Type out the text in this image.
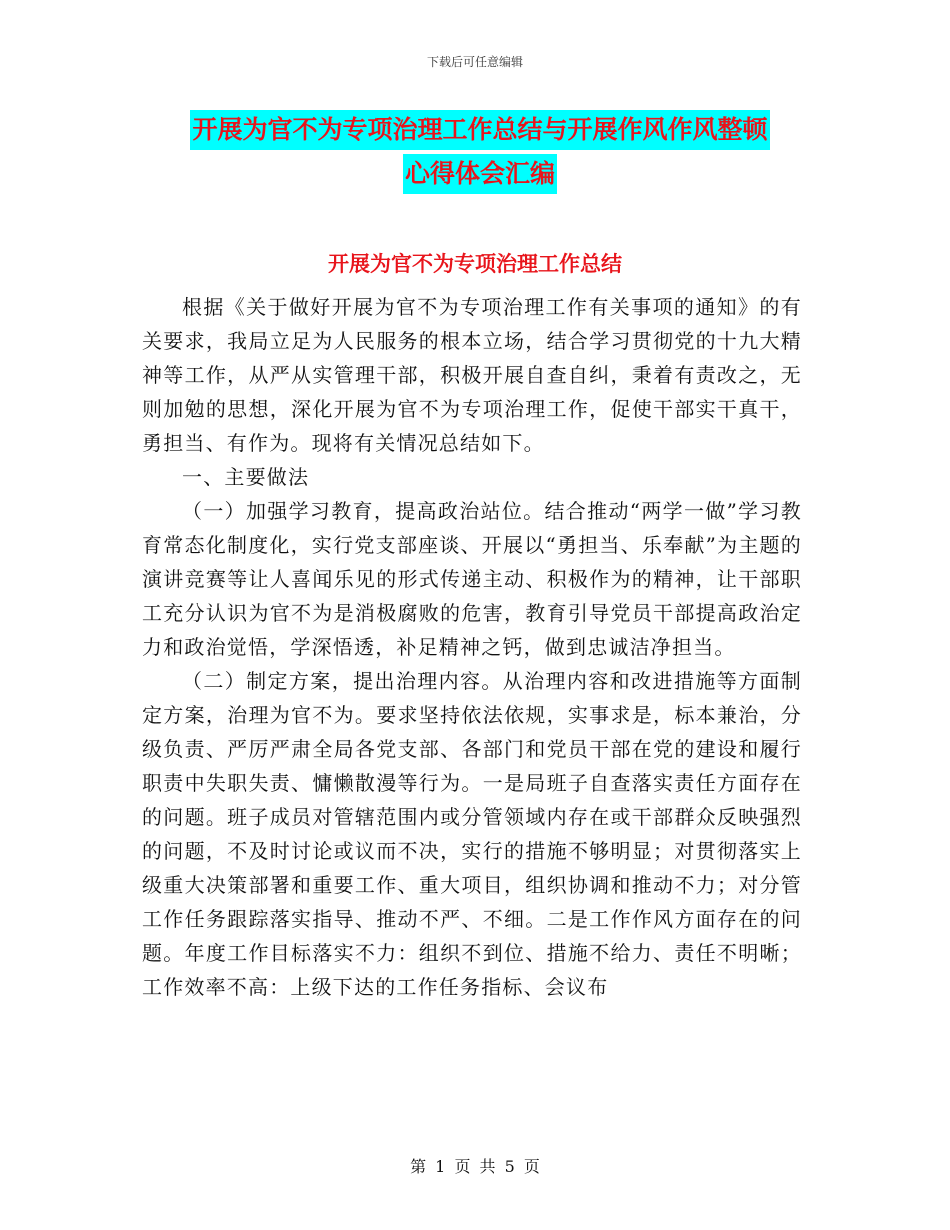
下载后可任意编辑
开展为官不为专项治理工作总结与开展作风作风整顿
心得体会汇编
开展为官不为专项治理工作总结

根据《关于做好开展为官不为专项治理工作有关事项的通知》的有关要求，我局立足为人民服务的根本立场，结合学习贯彻党的十九大精神等工作，从严从实管理干部，积极开展自查自纠，秉着有责改之，无则加勉的思想，深化开展为官不为专项治理工作，促使干部实干真干，勇担当、有作为。现将有关情况总结如下。

一、主要做法

（一）加强学习教育，提高政治站位。结合推动“两学一做”学习教育常态化制度化，实行党支部座谈、开展以“勇担当、乐奉献”为主题的演讲竞赛等让人喜闻乐见的形式传递主动、积极作为的精神，让干部职工充分认识为官不为是消极腐败的危害，教育引导党员干部提高政治定力和政治觉悟，学深悟透，补足精神之钙，做到忠诚洁净担当。

（二）制定方案，提出治理内容。从治理内容和改进措施等方面制定方案，治理为官不为。要求坚持依法依规，实事求是，标本兼治，分级负责、严厉严肃全局各党支部、各部门和党员干部在党的建设和履行职责中失职失责、慵懒散漫等行为。一是局班子自查落实责任方面存在的问题。班子成员对管辖范围内或分管领域内存在或干部群众反映强烈的问题，不及时讨论或议而不决，实行的措施不够明显；对贯彻落实上级重大决策部署和重要工作、重大项目，组织协调和推动不力；对分管工作任务跟踪落实指导、推动不严、不细。二是工作作风方面存在的问题。年度工作目标落实不力：组织不到位、措施不给力、责任不明晰；工作效率不高：上级下达的工作任务指标、会议布

第 1 页 共 5 页
